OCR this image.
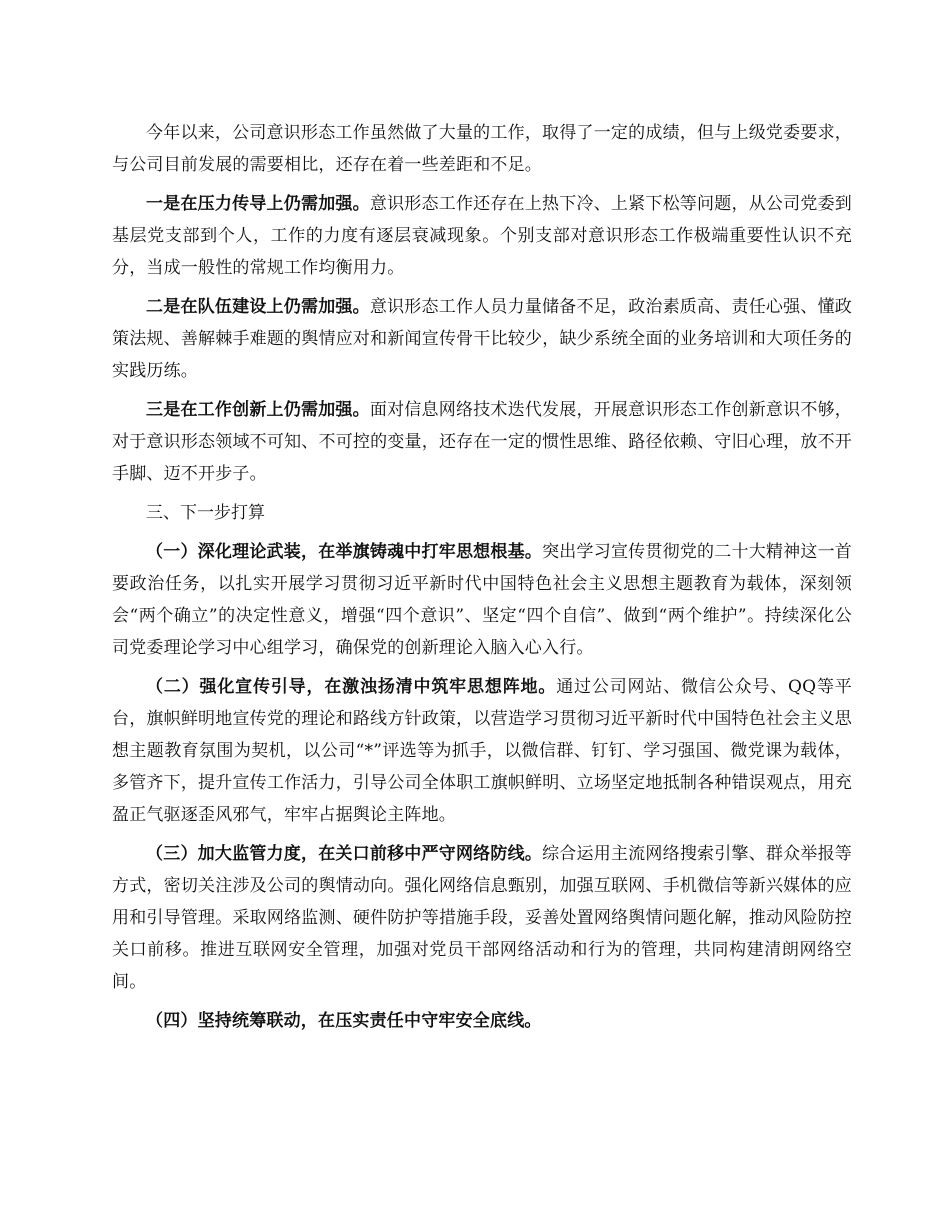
今年以来，公司意识形态工作虽然做了大量的工作，取得了一定的成绩，但与上级党委要求，与公司目前发展的需要相比，还存在着一些差距和不足。

一是在压力传导上仍需加强。意识形态工作还存在上热下冷、上紧下松等问题，从公司党委到基层党支部到个人，工作的力度有逐层衰减现象。个别支部对意识形态工作极端重要性认识不充分，当成一般性的常规工作均衡用力。

二是在队伍建设上仍需加强。意识形态工作人员力量储备不足，政治素质高、责任心强、懂政策法规、善解棘手难题的舆情应对和新闻宣传骨干比较少，缺少系统全面的业务培训和大项任务的实践历练。

三是在工作创新上仍需加强。面对信息网络技术迭代发展，开展意识形态工作创新意识不够，对于意识形态领域不可知、不可控的变量，还存在一定的惯性思维、路径依赖、守旧心理，放不开手脚、迈不开步子。

三、下一步打算

（一）深化理论武装，在举旗铸魂中打牢思想根基。突出学习宣传贯彻党的二十大精神这一首要政治任务，以扎实开展学习贯彻习近平新时代中国特色社会主义思想主题教育为载体，深刻领会“两个确立”的决定性意义，增强“四个意识”、坚定“四个自信”、做到“两个维护”。持续深化公司党委理论学习中心组学习，确保党的创新理论入脑入心入行。

（二）强化宣传引导，在激浊扬清中筑牢思想阵地。通过公司网站、微信公众号、QQ等平台，旗帜鲜明地宣传党的理论和路线方针政策，以营造学习贯彻习近平新时代中国特色社会主义思想主题教育氛围为契机，以公司“*”评选等为抓手，以微信群、钉钉、学习强国、微党课为载体，多管齐下，提升宣传工作活力，引导公司全体职工旗帜鲜明、立场坚定地抵制各种错误观点，用充盈正气驱逐歪风邪气，牢牢占据舆论主阵地。

（三）加大监管力度，在关口前移中严守网络防线。综合运用主流网络搜索引擎、群众举报等方式，密切关注涉及公司的舆情动向。强化网络信息甄别，加强互联网、手机微信等新兴媒体的应用和引导管理。采取网络监测、硬件防护等措施手段，妥善处置网络舆情问题化解，推动风险防控关口前移。推进互联网安全管理，加强对党员干部网络活动和行为的管理，共同构建清朗网络空间。

（四）坚持统筹联动，在压实责任中守牢安全底线。
